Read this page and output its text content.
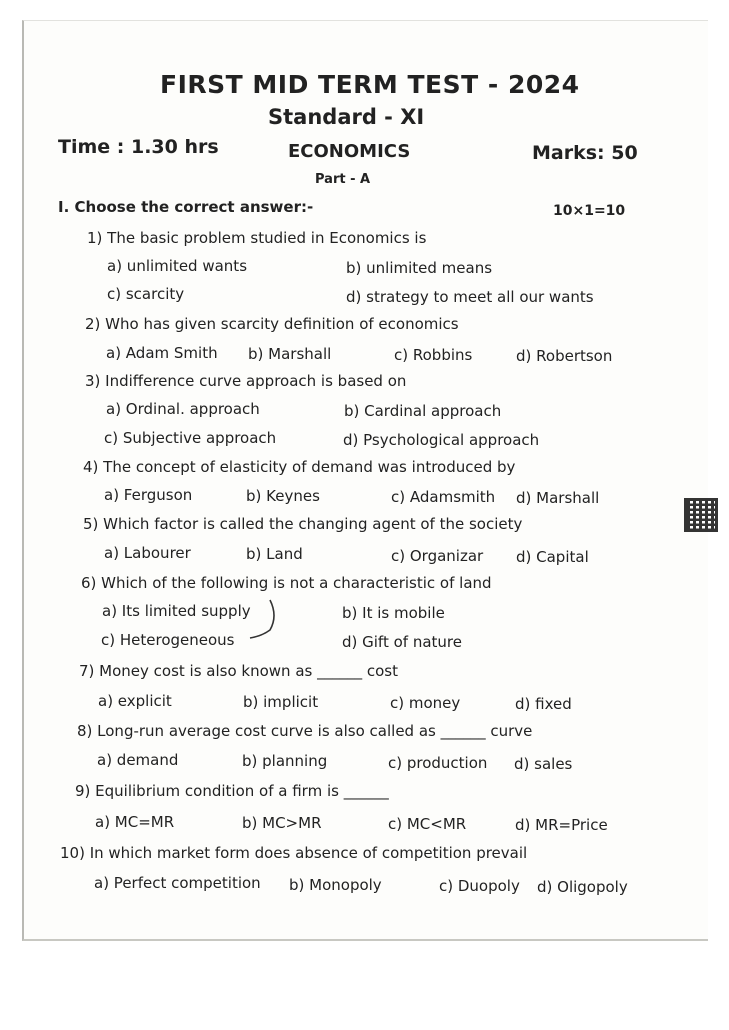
FIRST MID TERM TEST - 2024
Standard - XI
Time : 1.30 hrs	ECONOMICS	Marks: 50
Part - A
I. Choose the correct answer:-	10×1=10
1) The basic problem studied in Economics is
a) unlimited wants	b) unlimited means
c) scarcity	d) strategy to meet all our wants
2) Who has given scarcity definition of economics
a) Adam Smith b) Marshall	c) Robbins	d) Robertson
3) Indifference curve approach is based on
a) Ordinal. approach	b) Cardinal approach
c) Subjective approach	d) Psychological approach
4) The concept of elasticity of demand was introduced by
a) Ferguson	b) Keynes	c) Adamsmith d) Marshall
5) Which factor is called the changing agent of the society
a) Labourer	b) Land	c) Organizar d) Capital
6) Which of the following is not a characteristic of land
a) Its limited supply	b) It is mobile
c) Heterogeneous	d) Gift of nature
7) Money cost is also known as ______ cost
a) explicit	b) implicit	c) money	d) fixed
8) Long-run average cost curve is also called as ______ curve
a) demand	b) planning	c) production d) sales
9) Equilibrium condition of a firm is ______
a) MC=MR	b) MC>MR	c) MC<MR	d) MR=Price
10) In which market form does absence of competition prevail
a) Perfect competition b) Monopoly	c) Duopoly d) Oligopoly
